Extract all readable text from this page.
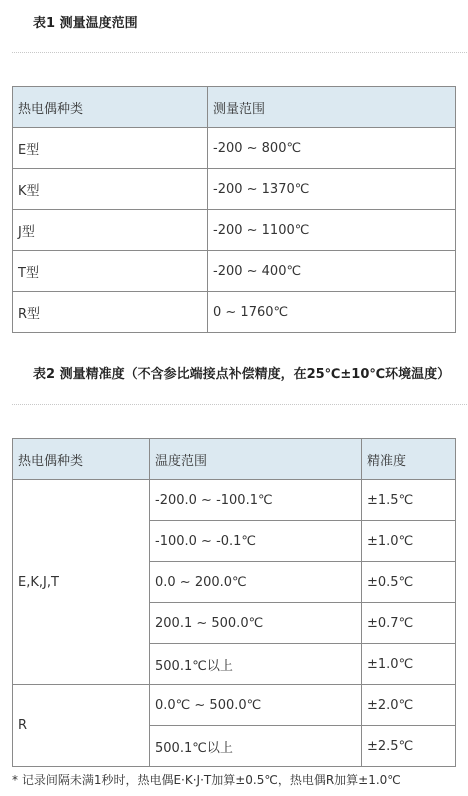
表1 测量温度范围
热电偶种类	测量范围
E型	-200 ~ 800℃
K型	-200 ~ 1370℃
J型	-200 ~ 1100℃
T型	-200 ~ 400℃
R型	0 ~ 1760℃
表2 测量精准度（不含参比端接点补偿精度，在25℃±10℃环境温度）
热电偶种类	温度范围	精准度
E,K,J,T	-200.0 ~ -100.1℃	±1.5℃
	-100.0 ~ -0.1℃	±1.0℃
	0.0 ~ 200.0℃	±0.5℃
	200.1 ~ 500.0℃	±0.7℃
	500.1℃以上	±1.0℃
R	0.0℃ ~ 500.0℃	±2.0℃
	500.1℃以上	±2.5℃
* 记录间隔未满1秒时，热电偶E·K·J·T加算±0.5℃，热电偶R加算±1.0℃
